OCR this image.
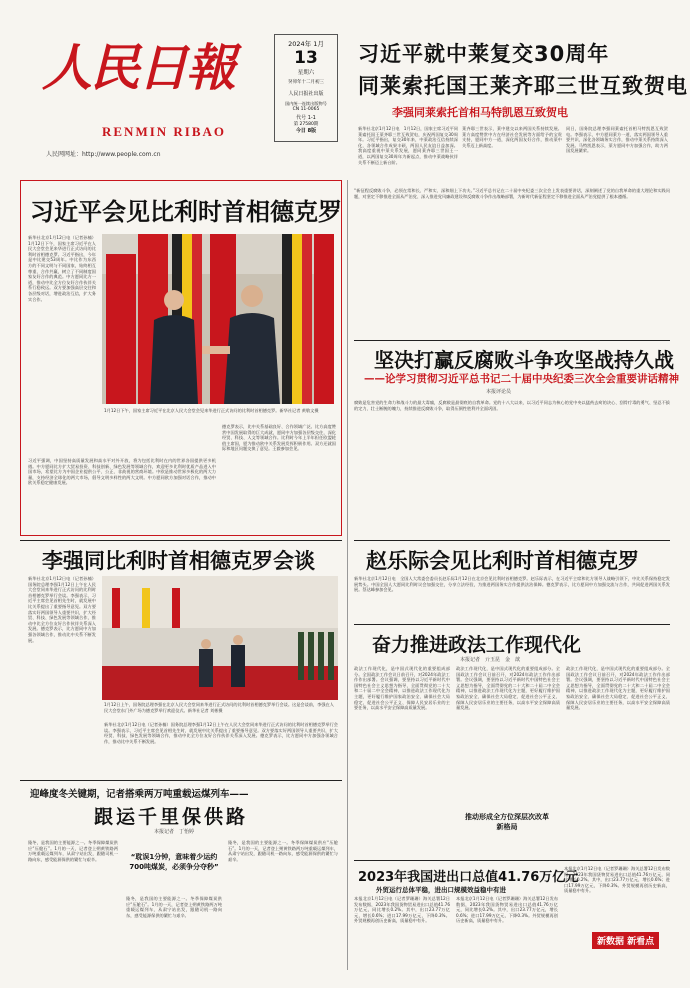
人民日報
RENMIN RIBAO
人民网网址：http://www.people.com.cn
2024年 1月
13
星期六
癸卯年十二月初三
人民日报社出版
国内统一连续出版物号
CN 11-0065
代号 1-1
第 27580期
今日 8版
习近平就中莱复交30周年
同莱索托国王莱齐耶三世互致贺电
李强同莱索托首相马特凯恩互致贺电
新华社北京1月12日电　1月12日，国家主席习近平同莱索托国王莱齐耶三世互致贺电，庆祝两国复交30周年。习近平指出，复交30年来，中莱政治互信持续深化，各领域合作成果丰硕，两国人民友谊日益加深。我高度重视中莱关系发展，愿同莱齐耶三世国王一道，以两国复交30周年为新起点，推动中莱战略伙伴关系不断迈上新台阶。
莱齐耶三世表示，莱中建交以来两国关系持续发展。莱方高度赞赏中方在经济社会发展等方面给予的宝贵支持，愿同中方一道，深化两国友好合作，推动莱中关系迈上新高度。
同日，国务院总理李强同莱索托首相马特凯恩互致贺电。李强表示，中方愿同莱方一道，落实两国领导人重要共识，深化各领域务实合作，推动中莱关系持续深入发展。马特凯恩表示，莱方愿同中方加强合作，助力两国发展繁荣。
习近平会见比利时首相德克罗
新华社北京1月12日电（记者孙楠）1月12日下午，国家主席习近平在人民大会堂会见来华进行正式访问的比利时首相德克罗。习近平指出，今年是中比建交53周年。中比作为东西方的不同文明与不同国家，始终相互尊重、合作共赢，树立了不同制度国家友好合作的典范。中方愿同比方一道，推动中比全方位友好合作伙伴关系行稳致远。双方要加强高层交往和各层级对话，增进政治互信，扩大务实合作。
1月12日下午，国家主席习近平在北京人民大会堂会见来华进行正式访问的比利时首相德克罗。新华社记者 黄敬文摄
习近平强调，中国坚持高质量发展和高水平对外开放，将为包括比利时在内的世界各国提供更多机遇。中方愿同比方扩大贸易投资、科技创新、绿色发展等领域合作，欢迎更多比利时优质产品进入中国市场，希望比方为中国企业提供公平、公正、非歧视的营商环境。中欧是推动世界多极化的两大力量，支持经济全球化的两大市场，倡导文明多样性的两大文明。中方愿同欧方加强对话合作，推动中欧关系稳定健康发展。
德克罗表示，比中关系基础良好、合作领域广泛。比方高度赞赏中国发展取得的巨大成就，愿同中方加强各层级交往，深化经贸、科技、人文等领域合作。比利时今年上半年担任欧盟轮值主席国，愿为推动欧中关系发展发挥积极作用。双方还就国际和地区问题交换了意见。王毅参加会见。
“新征程反腐败斗争，必须在常和长、严和实、深和细上下功夫。”习近平总书记在二十届中央纪委三次全会上发表重要讲话，深刻阐述了党的自我革命的重大理论和实践问题，对坚定不移推进全面从严治党、深入推进党风廉政建设和反腐败斗争作出战略部署，为新时代新征程坚定不移推进全面从严治党提供了根本遵循。
坚决打赢反腐败斗争攻坚战持久战
——论学习贯彻习近平总书记二十届中央纪委三次全会重要讲话精神
本报评论员
腐败是危害党的生命力和战斗力的最大毒瘤，反腐败是最彻底的自我革命。党的十八大以来，以习近平同志为核心的党中央以猛药去疴的决心、刮骨疗毒的勇气、坚忍不拔的定力、壮士断腕的魄力，持续推进反腐败斗争，取得压倒性胜利并全面巩固。
李强同比利时首相德克罗会谈
新华社北京1月12日电（记者孙楠）国务院总理李强1月12日上午在人民大会堂同来华进行正式访问的比利时首相德克罗举行会谈。李强表示，习近平主席会见首相先生时，就发展中比关系提出了重要指导意见。双方要落实好两国领导人重要共识，扩大经贸、科技、绿色发展等领域合作，推动中比全方位友好合作伙伴关系深入发展。德克罗表示，比方愿同中方加强各领域合作，推动比中关系不断发展。
1月12日上午，国务院总理李强在北京人民大会堂同来华进行正式访问的比利时首相德克罗举行会谈。这是会谈前，李强在人民大会堂东门外广场为德克罗举行欢迎仪式。新华社记者 刘彬摄
新华社北京1月12日电（记者孙楠）国务院总理李强1月12日上午在人民大会堂同来华进行正式访问的比利时首相德克罗举行会谈。李强表示，习近平主席会见首相先生时，就发展中比关系提出了重要指导意见。双方要落实好两国领导人重要共识，扩大经贸、科技、绿色发展等领域合作，推动中比全方位友好合作伙伴关系深入发展。德克罗表示，比方愿同中方加强各领域合作，推动比中关系不断发展。
赵乐际会见比利时首相德克罗
新华社北京1月12日电　全国人大常委会委员长赵乐际1月12日在北京会见比利时首相德克罗。赵乐际表示，在习近平主席和比方领导人战略引领下，中比关系保持稳定发展势头。中国全国人大愿同比利时议会加强交往，分享立法经验，为推进两国务实合作提供法治保障。德克罗表示，比方愿同中方加强交流与合作，共同促进两国关系发展。蔡达峰参加会见。
奋力推进政法工作现代化
本报记者　亓玉昆　金　歆
政法工作现代化，是中国式现代化的重要组成部分。全国政法工作会议日前召开，对2024年政法工作作出部署。会议强调，要坚持以习近平新时代中国特色社会主义思想为指导，全面贯彻党的二十大和二十届二中全会精神，以推进政法工作现代化为主题，更好履行维护国家政治安全、确保社会大局稳定、促进社会公平正义、保障人民安居乐业的主要任务，以高水平安全保障高质量发展。
政法工作现代化，是中国式现代化的重要组成部分。全国政法工作会议日前召开，对2024年政法工作作出部署。会议强调，要坚持以习近平新时代中国特色社会主义思想为指导，全面贯彻党的二十大和二十届二中全会精神，以推进政法工作现代化为主题，更好履行维护国家政治安全、确保社会大局稳定、促进社会公平正义、保障人民安居乐业的主要任务，以高水平安全保障高质量发展。
政法工作现代化，是中国式现代化的重要组成部分。全国政法工作会议日前召开，对2024年政法工作作出部署。会议强调，要坚持以习近平新时代中国特色社会主义思想为指导，全面贯彻党的二十大和二十届二中全会精神，以推进政法工作现代化为主题，更好履行维护国家政治安全、确保社会大局稳定、促进社会公平正义、保障人民安居乐业的主要任务，以高水平安全保障高质量发展。
推动形成全方位深层次改革新格局
迎峰度冬关键期，记者搭乘两万吨重载运煤列车——
跟运千里保供路
本报记者　丁怡婷
隆冬，是我国的主要能源之一。冬季保障煤炭供应“压舱石”。1月的一天，记者登上朔黄铁路两万吨重载运煤列车，从肃宁站出发，跟随司机一路向东，感受能源保供的繁忙与艰辛。	“耽误1分钟，意味着少运约700吨煤炭，必须争分夺秒”
隆冬，是我国的主要能源之一。冬季保障煤炭供应“压舱石”。1月的一天，记者登上朔黄铁路两万吨重载运煤列车，从肃宁站出发，跟随司机一路向东，感受能源保供的繁忙与艰辛。
隆冬，是我国的主要能源之一。冬季保障煤炭供应“压舱石”。1月的一天，记者登上朔黄铁路两万吨重载运煤列车，从肃宁站出发，跟随司机一路向东，感受能源保供的繁忙与艰辛。
2023年我国进出口总值41.76万亿元
外贸运行总体平稳，进出口规模效益稳中有进
本报北京1月12日电（记者罗珊珊）海关总署12日发布数据，2023年我国货物贸易进出口总值41.76万亿元，同比增长0.2%。其中，出口23.77万亿元，增长0.6%；进口17.99万亿元，下降0.3%。外贸规模再创历史新高，质量稳中有升。
本报北京1月12日电（记者罗珊珊）海关总署12日发布数据，2023年我国货物贸易进出口总值41.76万亿元，同比增长0.2%。其中，出口23.77万亿元，增长0.6%；进口17.99万亿元，下降0.3%。外贸规模再创历史新高，质量稳中有升。
本报北京1月12日电（记者罗珊珊）海关总署12日发布数据，2023年我国货物贸易进出口总值41.76万亿元，同比增长0.2%。其中，出口23.77万亿元，增长0.6%；进口17.99万亿元，下降0.3%。外贸规模再创历史新高，质量稳中有升。
新数据 新看点
